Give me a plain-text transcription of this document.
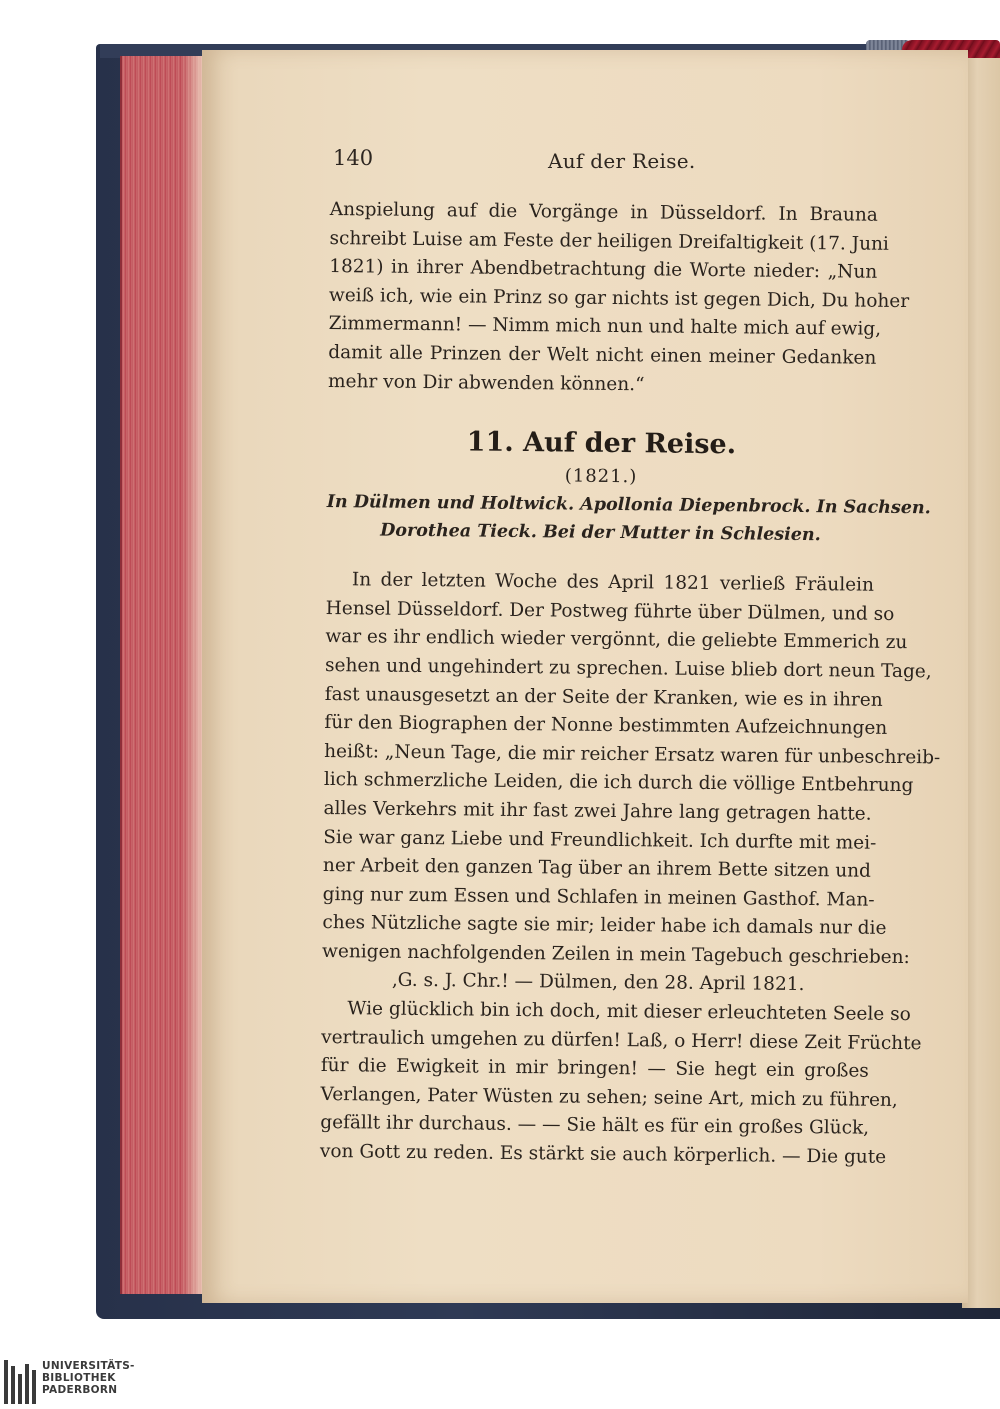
140	Auf der Reise.
Anspielung auf die Vorgänge in Düsseldorf. In Brauna
schreibt Luise am Feste der heiligen Dreifaltigkeit (17. Juni
1821) in ihrer Abendbetrachtung die Worte nieder: „Nun
weiß ich, wie ein Prinz so gar nichts ist gegen Dich, Du hoher
Zimmermann! — Nimm mich nun und halte mich auf ewig,
damit alle Prinzen der Welt nicht einen meiner Gedanken
mehr von Dir abwenden können.“
11. Auf der Reise.
(1821.)
In Dülmen und Holtwick. Apollonia Diepenbrock. In Sachsen.
Dorothea Tieck. Bei der Mutter in Schlesien.
In der letzten Woche des April 1821 verließ Fräulein
Hensel Düsseldorf. Der Postweg führte über Dülmen, und so
war es ihr endlich wieder vergönnt, die geliebte Emmerich zu
sehen und ungehindert zu sprechen. Luise blieb dort neun Tage,
fast unausgesetzt an der Seite der Kranken, wie es in ihren
für den Biographen der Nonne bestimmten Aufzeichnungen
heißt: „Neun Tage, die mir reicher Ersatz waren für unbeschreib-
lich schmerzliche Leiden, die ich durch die völlige Entbehrung
alles Verkehrs mit ihr fast zwei Jahre lang getragen hatte.
Sie war ganz Liebe und Freundlichkeit. Ich durfte mit mei-
ner Arbeit den ganzen Tag über an ihrem Bette sitzen und
ging nur zum Essen und Schlafen in meinen Gasthof. Man-
ches Nützliche sagte sie mir; leider habe ich damals nur die
wenigen nachfolgenden Zeilen in mein Tagebuch geschrieben:
‚G. s. J. Chr.! — Dülmen, den 28. April 1821.
Wie glücklich bin ich doch, mit dieser erleuchteten Seele so
vertraulich umgehen zu dürfen! Laß, o Herr! diese Zeit Früchte
für die Ewigkeit in mir bringen! — Sie hegt ein großes
Verlangen, Pater Wüsten zu sehen; seine Art, mich zu führen,
gefällt ihr durchaus. — — Sie hält es für ein großes Glück,
von Gott zu reden. Es stärkt sie auch körperlich. — Die gute
UNIVERSITÄTS-
BIBLIOTHEK
PADERBORN
